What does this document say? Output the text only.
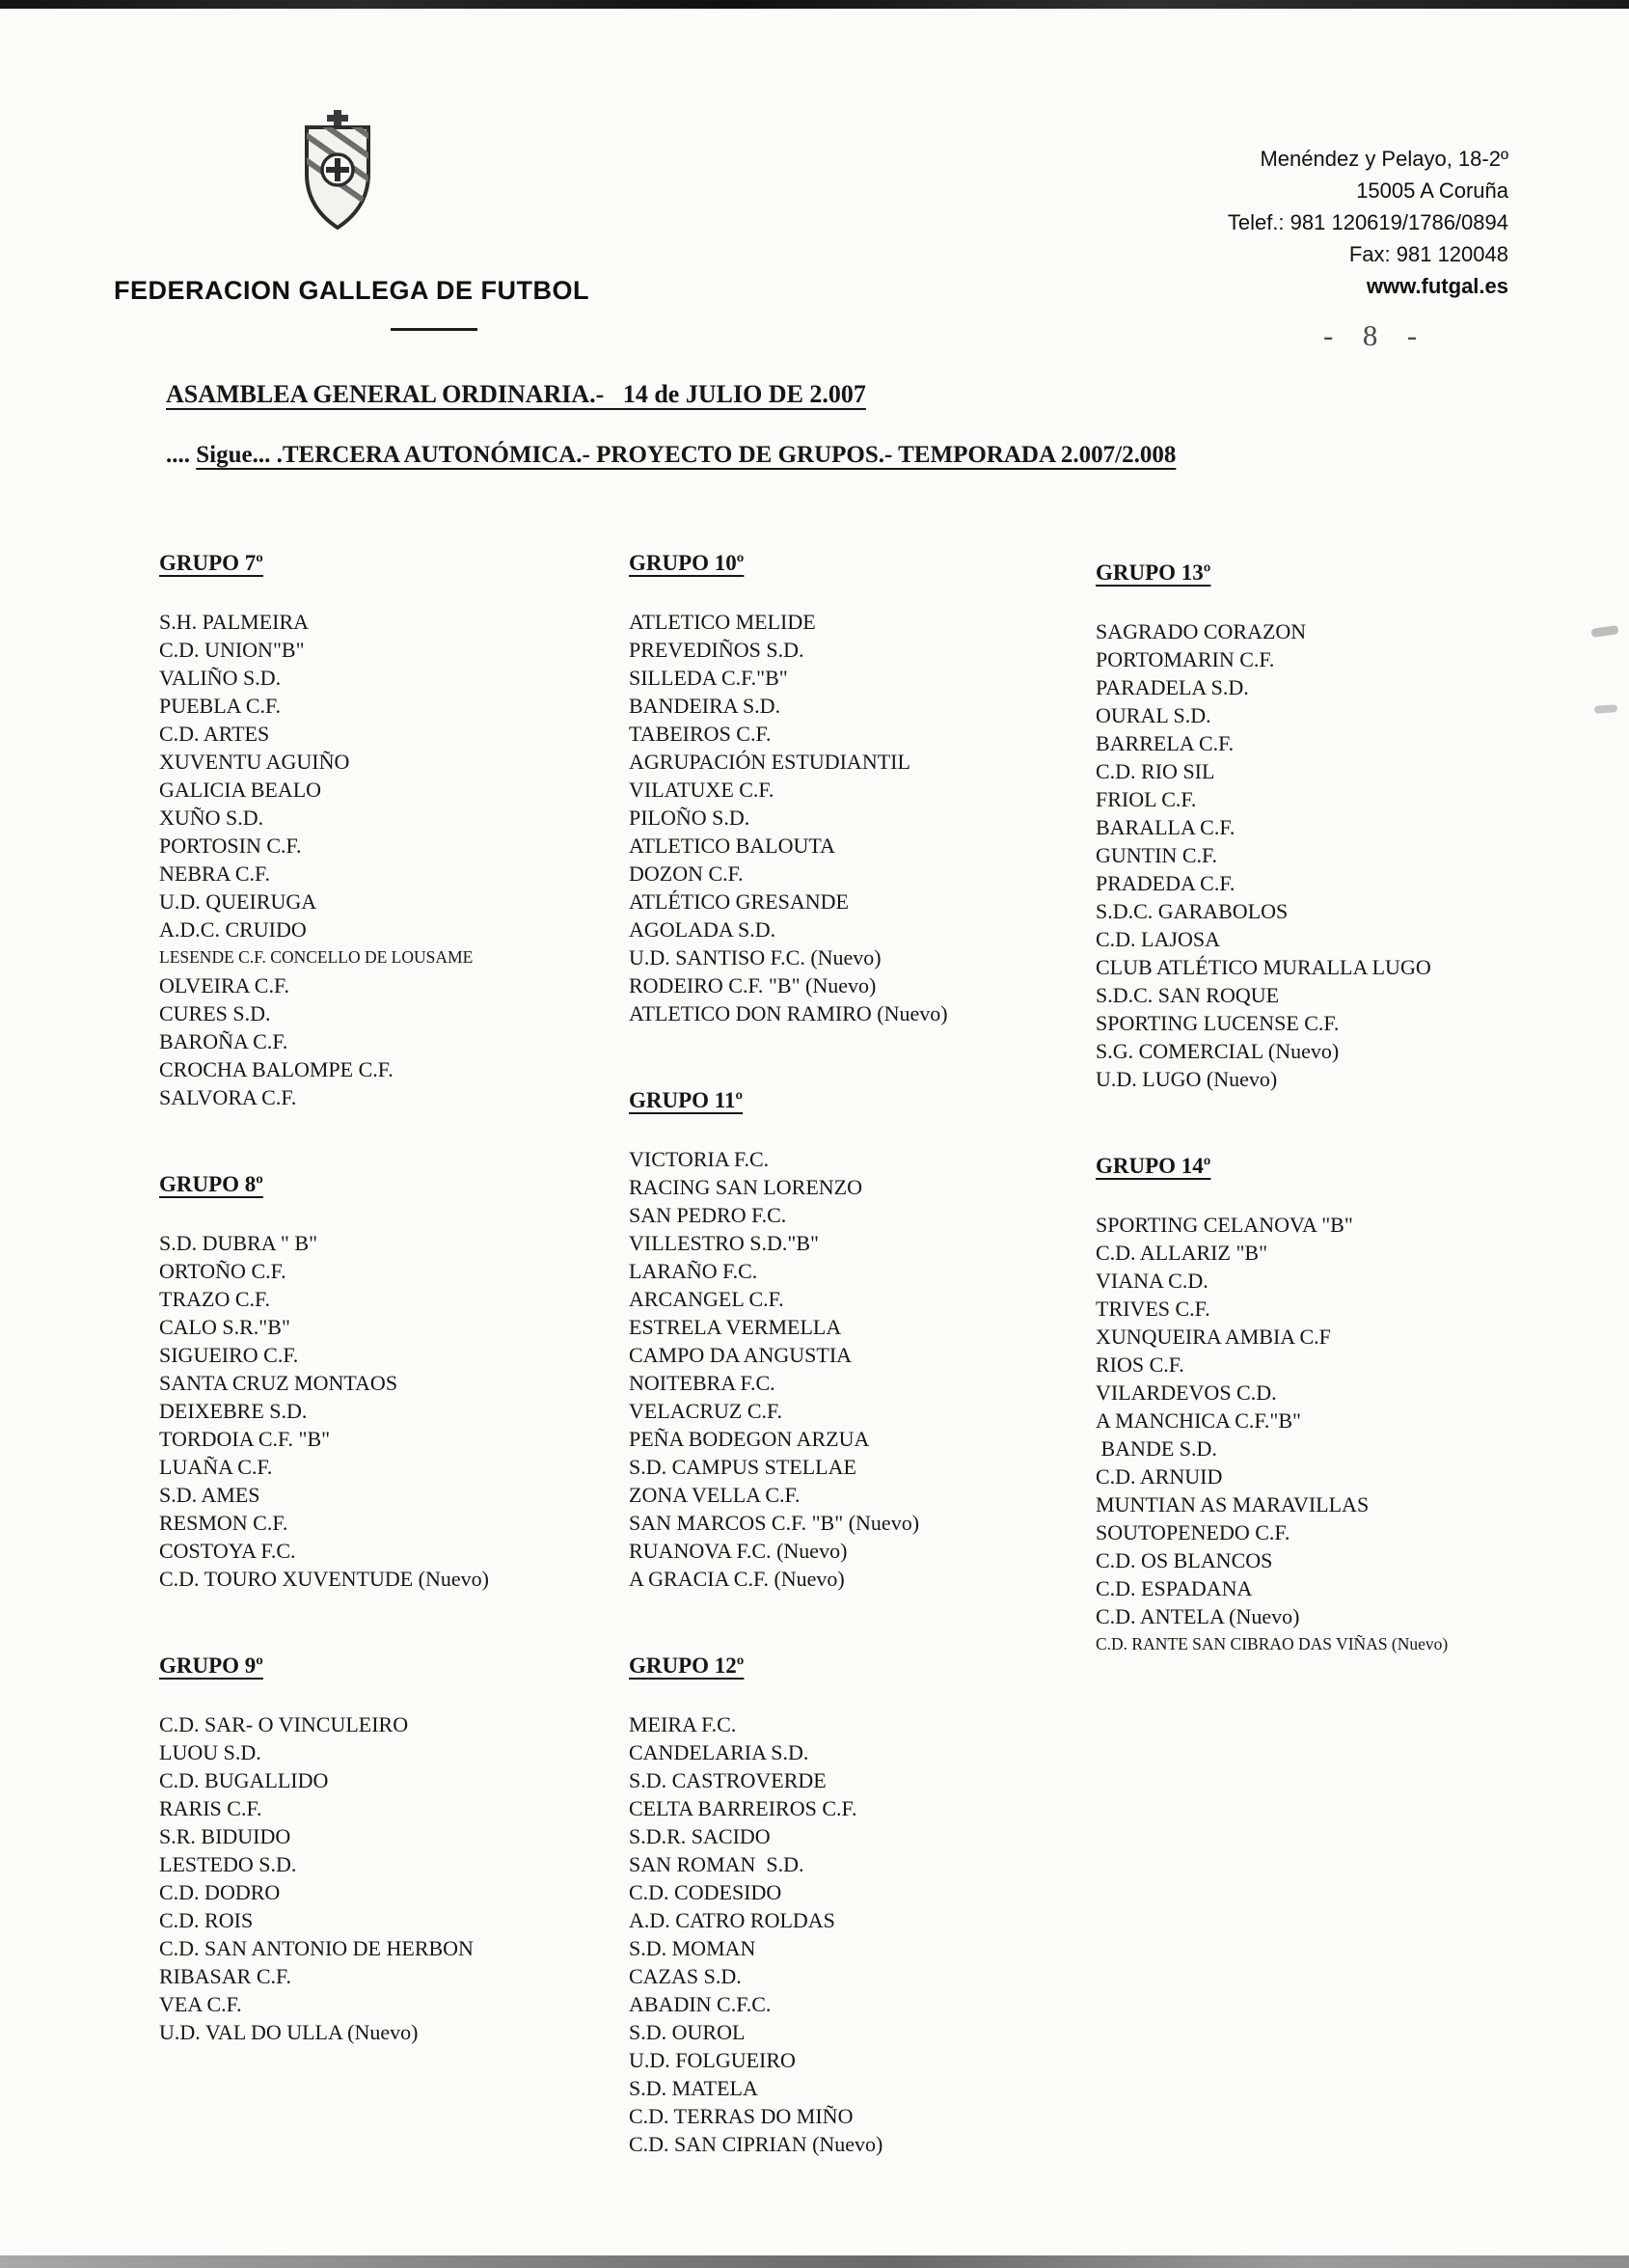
FEDERACION GALLEGA DE FUTBOL
Menéndez y Pelayo, 18-2º
15005 A Coruña
Telef.: 981 120619/1786/0894
Fax: 981 120048
www.futgal.es
-  8  -
ASAMBLEA GENERAL ORDINARIA.-   14 de JULIO DE 2.007
.... Sigue... .TERCERA AUTONÓMICA.- PROYECTO DE GRUPOS.- TEMPORADA 2.007/2.008
GRUPO 7º
S.H. PALMEIRA
C.D. UNION"B"
VALIÑO S.D.
PUEBLA C.F.
C.D. ARTES
XUVENTU AGUIÑO
GALICIA BEALO
XUÑO S.D.
PORTOSIN C.F.
NEBRA C.F.
U.D. QUEIRUGA
A.D.C. CRUIDO
LESENDE C.F. CONCELLO DE LOUSAME
OLVEIRA C.F.
CURES S.D.
BAROÑA C.F.
CROCHA BALOMPE C.F.
SALVORA C.F.
GRUPO 8º
S.D. DUBRA " B"
ORTOÑO C.F.
TRAZO C.F.
CALO S.R."B"
SIGUEIRO C.F.
SANTA CRUZ MONTAOS
DEIXEBRE S.D.
TORDOIA C.F. "B"
LUAÑA C.F.
S.D. AMES
RESMON C.F.
COSTOYA F.C.
C.D. TOURO XUVENTUDE (Nuevo)
GRUPO 9º
C.D. SAR- O VINCULEIRO
LUOU S.D.
C.D. BUGALLIDO
RARIS C.F.
S.R. BIDUIDO
LESTEDO S.D.
C.D. DODRO
C.D. ROIS
C.D. SAN ANTONIO DE HERBON
RIBASAR C.F.
VEA C.F.
U.D. VAL DO ULLA (Nuevo)
GRUPO 10º
ATLETICO MELIDE
PREVEDIÑOS S.D.
SILLEDA C.F."B"
BANDEIRA S.D.
TABEIROS C.F.
AGRUPACIÓN ESTUDIANTIL
VILATUXE C.F.
PILOÑO S.D.
ATLETICO BALOUTA
DOZON C.F.
ATLÉTICO GRESANDE
AGOLADA S.D.
U.D. SANTISO F.C. (Nuevo)
RODEIRO C.F. "B" (Nuevo)
ATLETICO DON RAMIRO (Nuevo)
GRUPO 11º
VICTORIA F.C.
RACING SAN LORENZO
SAN PEDRO F.C.
VILLESTRO S.D."B"
LARAÑO F.C.
ARCANGEL C.F.
ESTRELA VERMELLA
CAMPO DA ANGUSTIA
NOITEBRA F.C.
VELACRUZ C.F.
PEÑA BODEGON ARZUA
S.D. CAMPUS STELLAE
ZONA VELLA C.F.
SAN MARCOS C.F. "B" (Nuevo)
RUANOVA F.C. (Nuevo)
A GRACIA C.F. (Nuevo)
GRUPO 12º
MEIRA F.C.
CANDELARIA S.D.
S.D. CASTROVERDE
CELTA BARREIROS C.F.
S.D.R. SACIDO
SAN ROMAN  S.D.
C.D. CODESIDO
A.D. CATRO ROLDAS
S.D. MOMAN
CAZAS S.D.
ABADIN C.F.C.
S.D. OUROL
U.D. FOLGUEIRO
S.D. MATELA
C.D. TERRAS DO MIÑO
C.D. SAN CIPRIAN (Nuevo)
GRUPO 13º
SAGRADO CORAZON
PORTOMARIN C.F.
PARADELA S.D.
OURAL S.D.
BARRELA C.F.
C.D. RIO SIL
FRIOL C.F.
BARALLA C.F.
GUNTIN C.F.
PRADEDA C.F.
S.D.C. GARABOLOS
C.D. LAJOSA
CLUB ATLÉTICO MURALLA LUGO
S.D.C. SAN ROQUE
SPORTING LUCENSE C.F.
S.G. COMERCIAL (Nuevo)
U.D. LUGO (Nuevo)
GRUPO 14º
SPORTING CELANOVA "B"
C.D. ALLARIZ "B"
VIANA C.D.
TRIVES C.F.
XUNQUEIRA AMBIA C.F
RIOS C.F.
VILARDEVOS C.D.
A MANCHICA C.F."B"
BANDE S.D.
C.D. ARNUID
MUNTIAN AS MARAVILLAS
SOUTOPENEDO C.F.
C.D. OS BLANCOS
C.D. ESPADANA
C.D. ANTELA (Nuevo)
C.D. RANTE SAN CIBRAO DAS VIÑAS (Nuevo)
